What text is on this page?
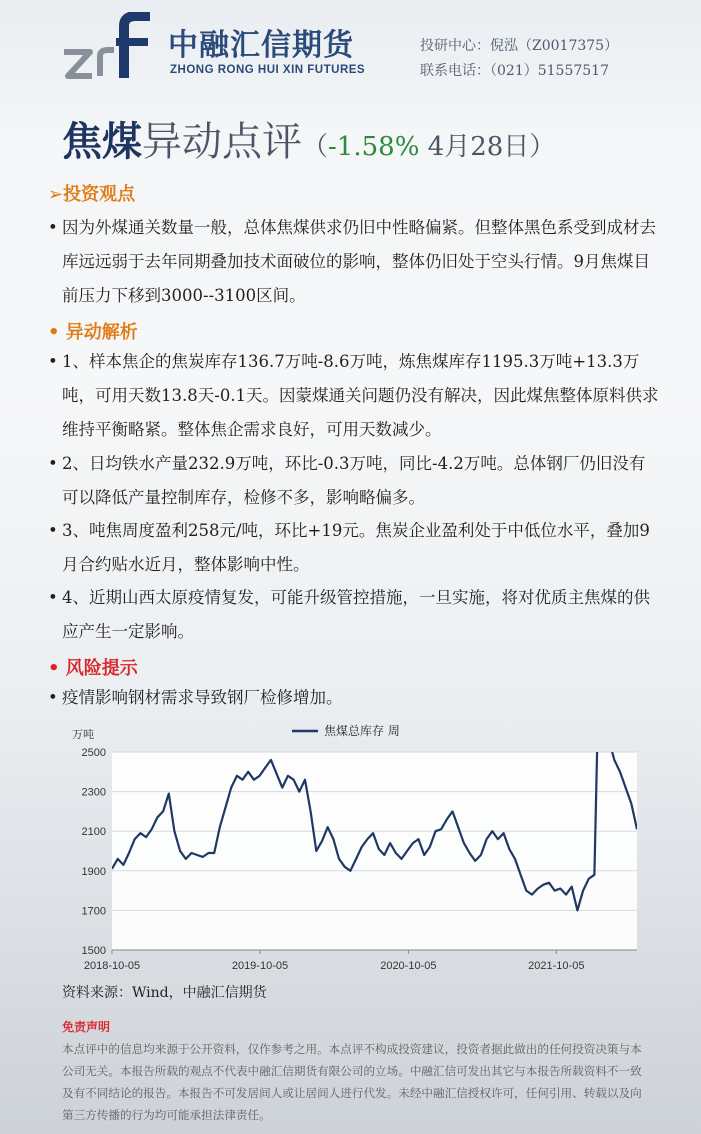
中融汇信期货
ZHONG RONG HUI XIN FUTURES
投研中心：倪泓（Z0017375）
联系电话：（021）51557517
焦煤异动点评（-1.58% 4月28日）
➢投资观点
• 因为外煤通关数量一般，总体焦煤供求仍旧中性略偏紧。但整体黑色系受到成材去库远远弱于去年同期叠加技术面破位的影响，整体仍旧处于空头行情。9月焦煤目前压力下移到3000--3100区间。
• 异动解析
• 1、样本焦企的焦炭库存136.7万吨-8.6万吨，炼焦煤库存1195.3万吨+13.3万吨，可用天数13.8天-0.1天。因蒙煤通关问题仍没有解决，因此煤焦整体原料供求维持平衡略紧。整体焦企需求良好，可用天数减少。
• 2、日均铁水产量232.9万吨，环比-0.3万吨，同比-4.2万吨。总体钢厂仍旧没有可以降低产量控制库存，检修不多，影响略偏多。
• 3、吨焦周度盈利258元/吨，环比+19元。焦炭企业盈利处于中低位水平，叠加9月合约贴水近月，整体影响中性。
• 4、近期山西太原疫情复发，可能升级管控措施，一旦实施，将对优质主焦煤的供应产生一定影响。
• 风险提示
• 疫情影响钢材需求导致钢厂检修增加。
1500
1700
1900
2100
2300
2500
2018-10-05	2019-10-05	2020-10-05	2021-10-05
万吨	焦煤总库存 周
资料来源：Wind，中融汇信期货
免责声明
本点评中的信息均来源于公开资料，仅作参考之用。本点评不构成投资建议，投资者据此做出的任何投资决策与本公司无关。本报告所载的观点不代表中融汇信期货有限公司的立场。中融汇信可发出其它与本报告所载资料不一致及有不同结论的报告。本报告不可发居间人或让居间人进行代发。未经中融汇信授权许可，任何引用、转载以及向第三方传播的行为均可能承担法律责任。
